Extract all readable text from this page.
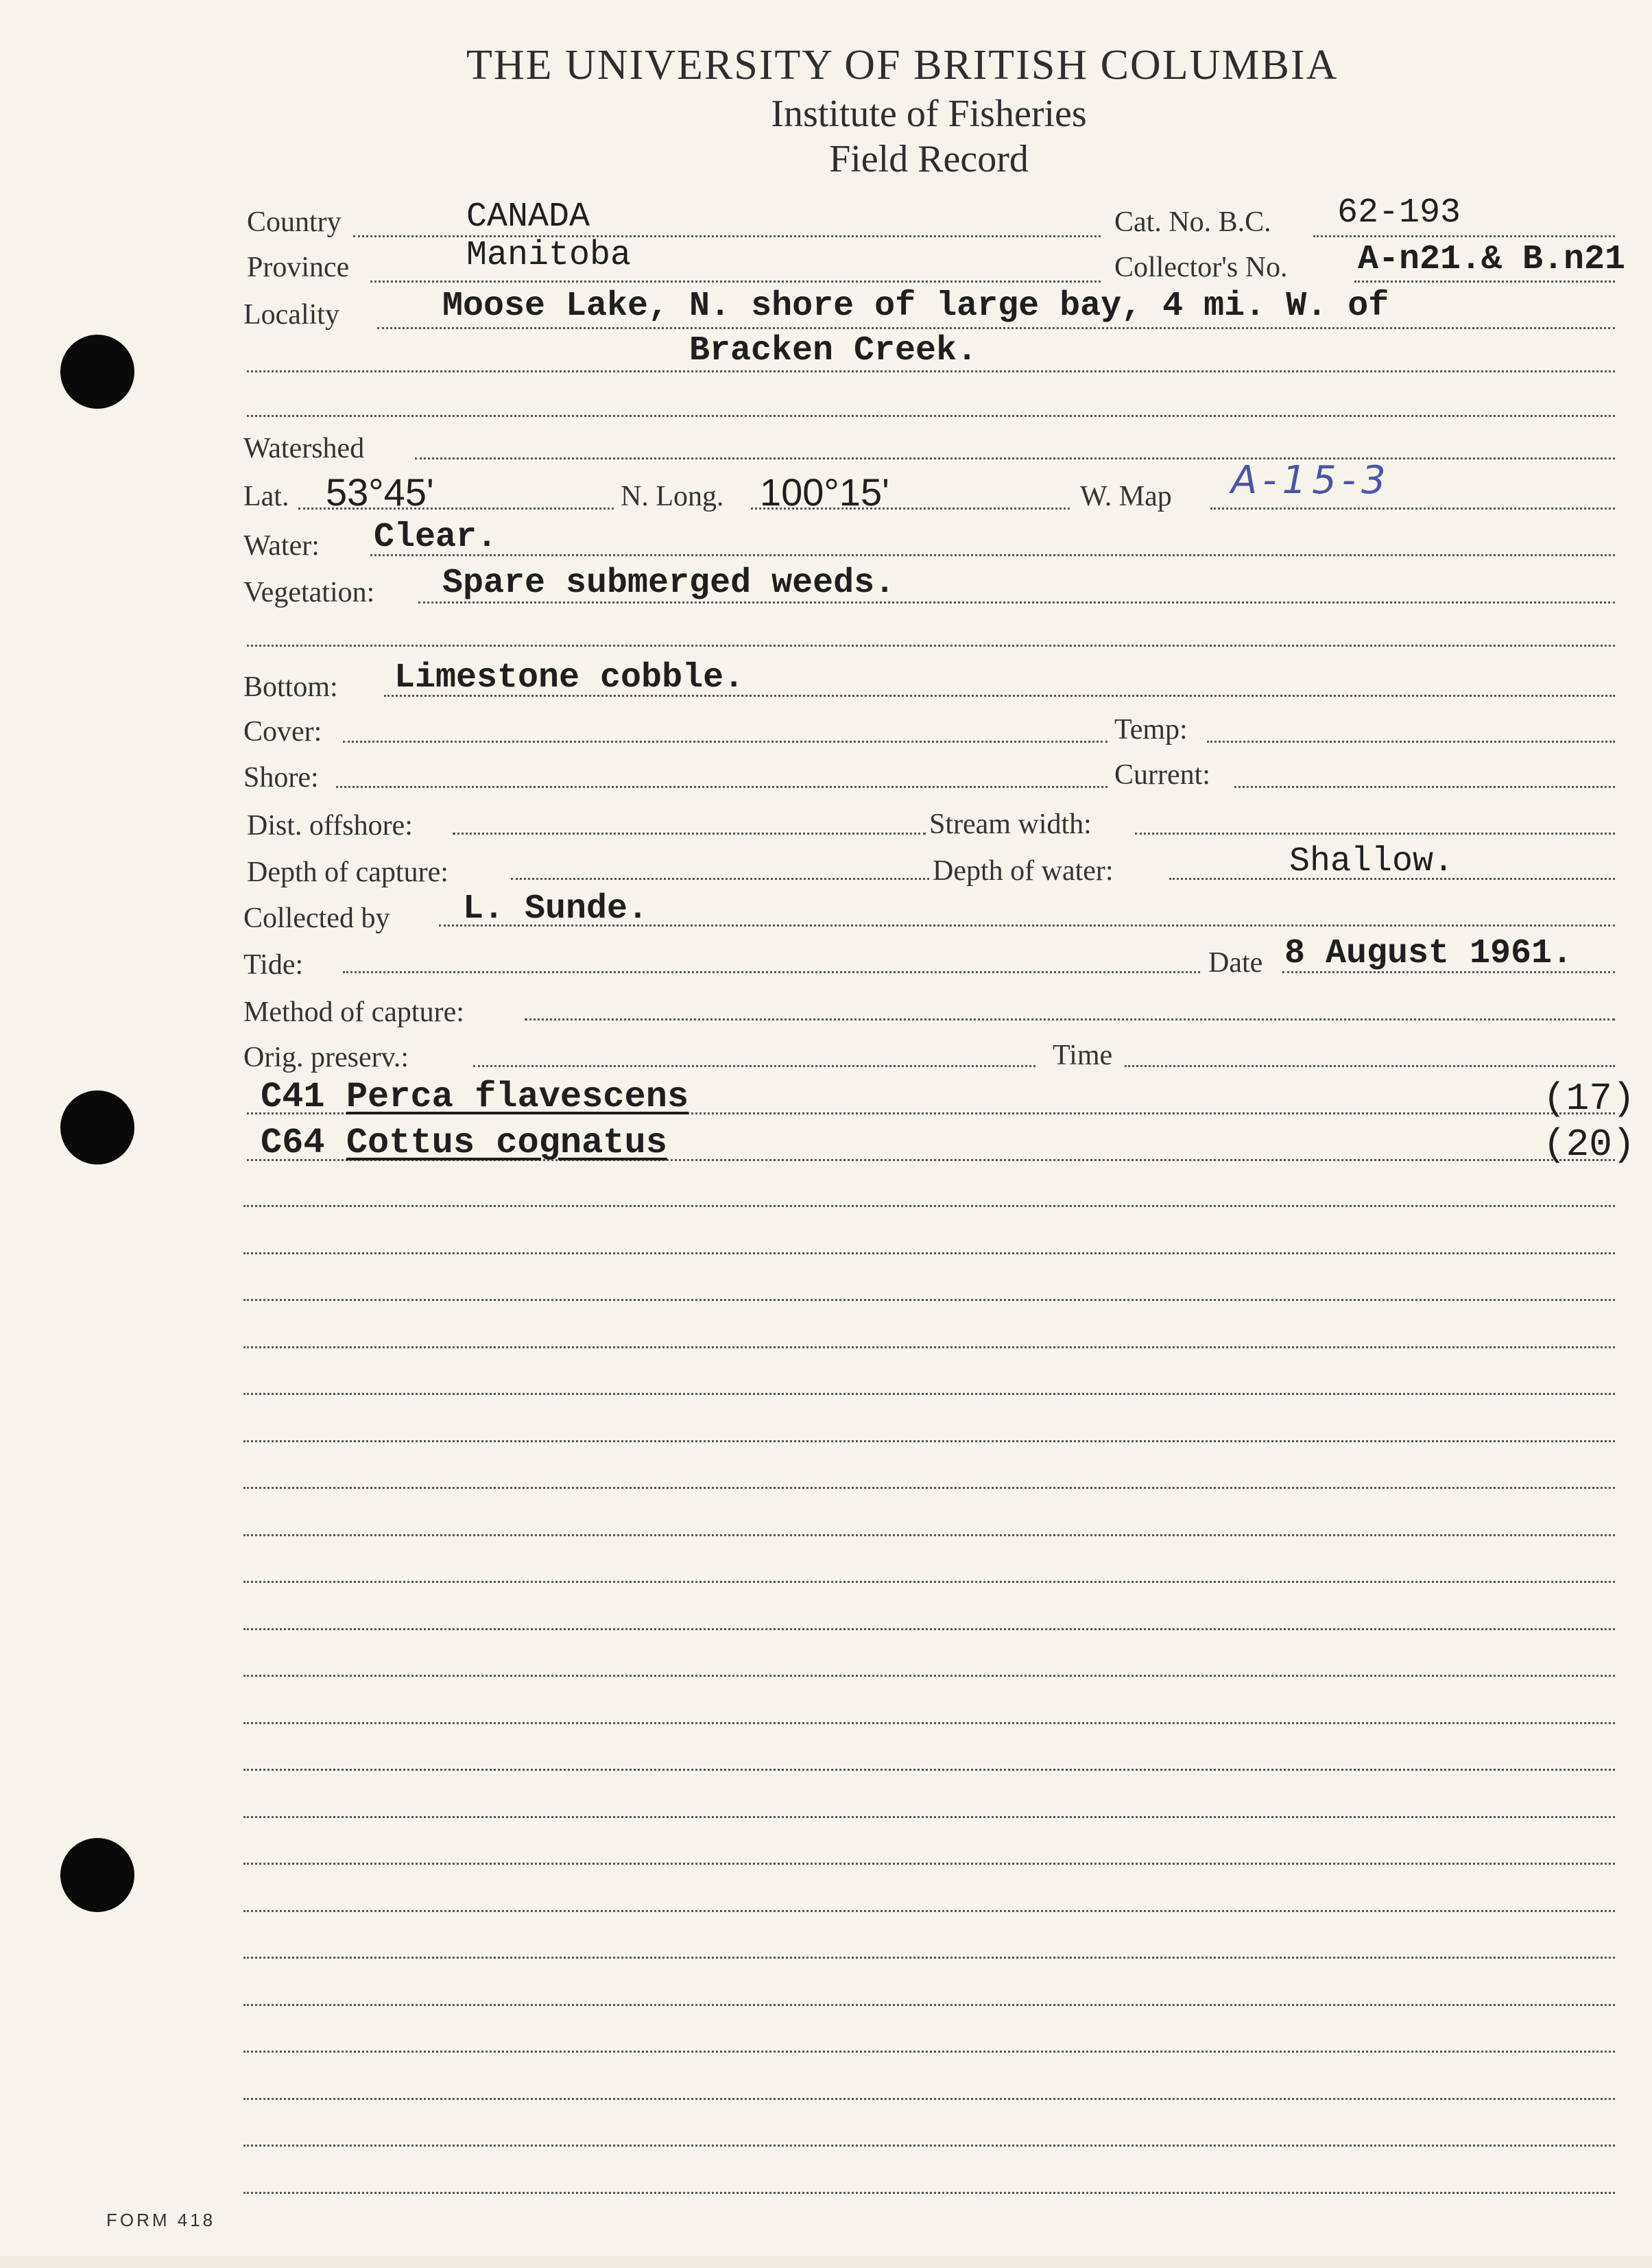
THE UNIVERSITY OF BRITISH COLUMBIA
Institute of Fisheries
Field Record
Country	CANADA	Cat. No. B.C. 62-193
Province	Manitoba	Collector's No. A-n21.& B.n21
Locality	Moose Lake, N. shore of large bay, 4 mi. W. of
Bracken Creek.
Watershed
Lat. 53°45'	N. Long. 100°15'	W. Map A-15-3
Water: Clear.
Vegetation: Spare submerged weeds.
Bottom: Limestone cobble.
Cover:	Temp:
Shore:	Current:
Dist. offshore:	Stream width:
Depth of capture:	Depth of water:	Shallow.
Collected by L. Sunde.
Tide:	Date 8 August 1961.
Method of capture:
Orig. preserv.:	Time
C41 Perca flavescens	(17)
C64 Cottus cognatus	(20)
FORM 418
